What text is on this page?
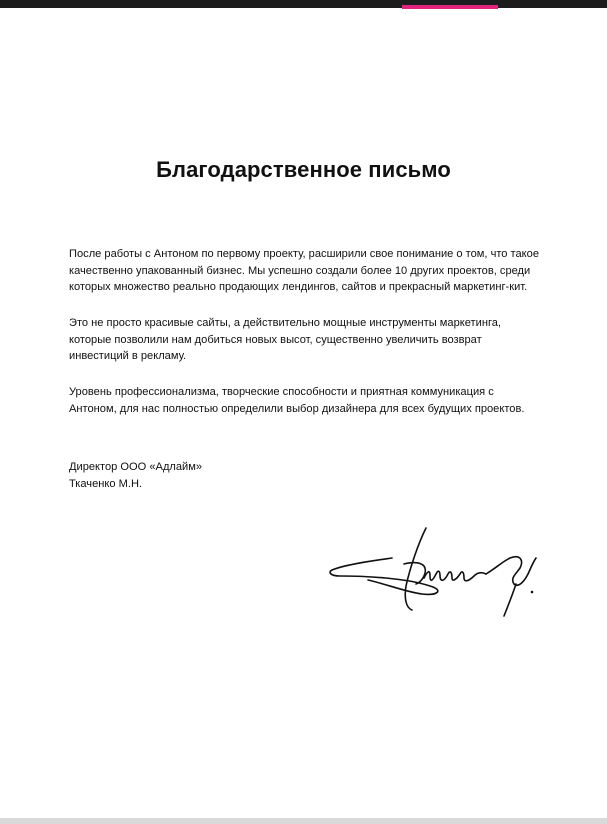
Благодарственное письмо

После работы с Антоном по первому проекту, расширили свое понимание о том, что такое
качественно упакованный бизнес. Мы успешно создали более 10 других проектов, среди
которых множество реально продающих лендингов, сайтов и прекрасный маркетинг-кит.

Это не просто красивые сайты, а действительно мощные инструменты маркетинга,
которые позволили нам добиться новых высот, существенно увеличить возврат
инвестиций в рекламу.

Уровень профессионализма, творческие способности и приятная коммуникация с
Антоном, для нас полностью определили выбор дизайнера для всех будущих проектов.

Директор ООО «Адлайм»
Ткаченко М.Н.
